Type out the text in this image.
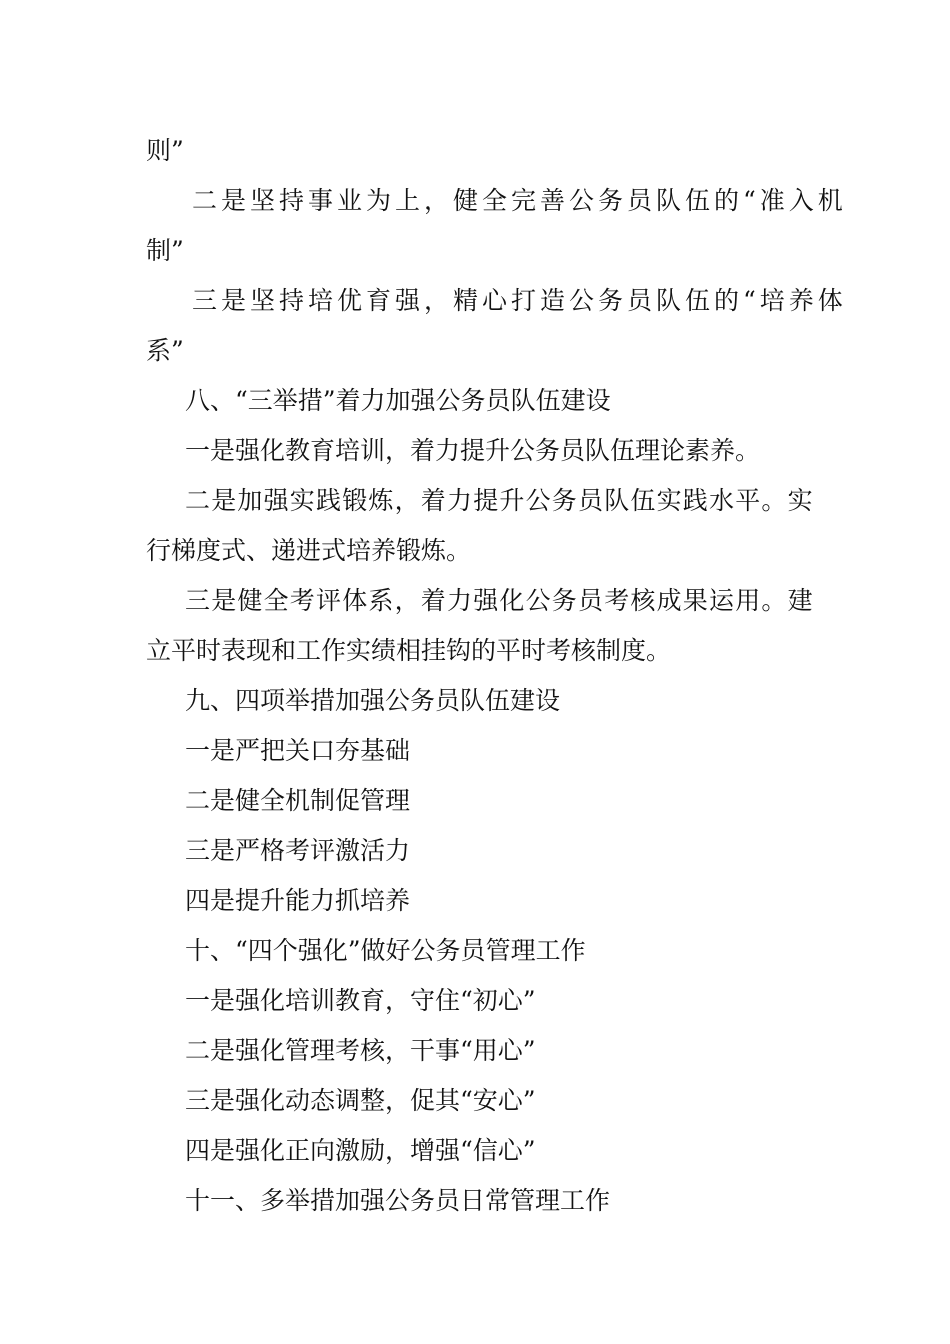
则”
二是坚持事业为上，健全完善公务员队伍的“准入机
制”
三是坚持培优育强，精心打造公务员队伍的“培养体
系”
八、“三举措”着力加强公务员队伍建设
一是强化教育培训，着力提升公务员队伍理论素养。
二是加强实践锻炼，着力提升公务员队伍实践水平。实
行梯度式、递进式培养锻炼。
三是健全考评体系，着力强化公务员考核成果运用。建
立平时表现和工作实绩相挂钩的平时考核制度。
九、四项举措加强公务员队伍建设
一是严把关口夯基础
二是健全机制促管理
三是严格考评激活力
四是提升能力抓培养
十、“四个强化”做好公务员管理工作
一是强化培训教育，守住“初心”
二是强化管理考核，干事“用心”
三是强化动态调整，促其“安心”
四是强化正向激励，增强“信心”
十一、多举措加强公务员日常管理工作
